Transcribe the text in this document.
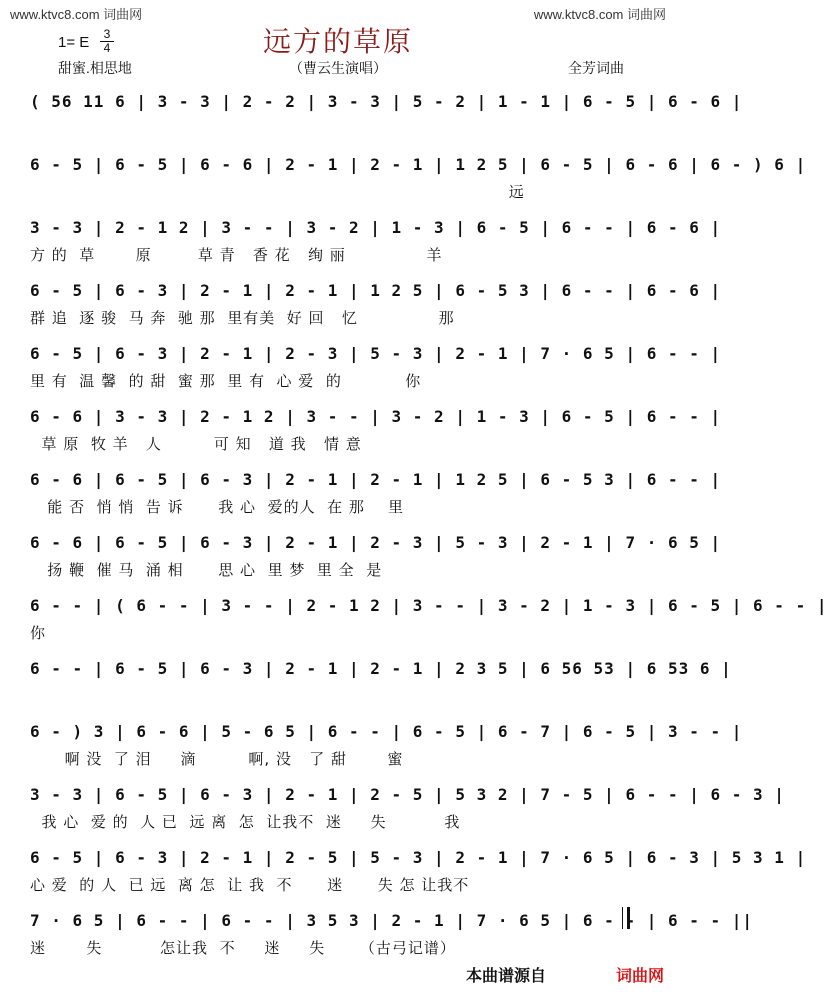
www.ktvc8.com 词曲网	www.ktvc8.com 词曲网
远方的草原
1= E	3
4
甜蜜.相思地	（曹云生演唱）	全芳词曲
( 56 11 6 | 3 - 3 | 2 - 2 | 3 - 3 | 5 - 2 | 1 - 1 | 6 - 5 | 6 - 6 |
6 - 5 | 6 - 5 | 6 - 6 | 2 - 1 | 2 - 1 | 1 2 5 | 6 - 5 | 6 - 6 | 6 - ) 6 |
远
3 - 3 | 2 - 1 2 | 3 - - | 3 - 2 | 1 - 3 | 6 - 5 | 6 - - | 6 - 6 |
方 的  草       原        草 青   香 花   绚 丽              羊
6 - 5 | 6 - 3 | 2 - 1 | 2 - 1 | 1 2 5 | 6 - 5 3 | 6 - - | 6 - 6 |
群 追  逐 骏  马 奔  驰 那  里有美  好 回   忆              那
6 - 5 | 6 - 3 | 2 - 1 | 2 - 3 | 5 - 3 | 2 - 1 | 7 · 6 5 | 6 - - |
里 有  温 馨  的 甜  蜜 那  里 有  心 爱  的           你
6 - 6 | 3 - 3 | 2 - 1 2 | 3 - - | 3 - 2 | 1 - 3 | 6 - 5 | 6 - - |
草 原  牧 羊   人         可 知   道 我   情 意
6 - 6 | 6 - 5 | 6 - 3 | 2 - 1 | 2 - 1 | 1 2 5 | 6 - 5 3 | 6 - - |
能 否  悄 悄  告 诉      我 心  爱的人  在 那    里
6 - 6 | 6 - 5 | 6 - 3 | 2 - 1 | 2 - 3 | 5 - 3 | 2 - 1 | 7 · 6 5 |
扬 鞭  催 马  涌 相      思 心  里 梦  里 全  是
6 - - | ( 6 - - | 3 - - | 2 - 1 2 | 3 - - | 3 - 2 | 1 - 3 | 6 - 5 | 6 - - |
你
6 - - | 6 - 5 | 6 - 3 | 2 - 1 | 2 - 1 | 2 3 5 | 6 56 53 | 6 53 6 |
6 - ) 3 | 6 - 6 | 5 - 6 5 | 6 - - | 6 - 5 | 6 - 7 | 6 - 5 | 3 - - |
啊 没  了 泪     滴         啊, 没   了 甜       蜜
3 - 3 | 6 - 5 | 6 - 3 | 2 - 1 | 2 - 5 | 5 3 2 | 7 - 5 | 6 - - | 6 - 3 |
我 心  爱 的  人 已  远 离  怎  让我不  迷     失          我
6 - 5 | 6 - 3 | 2 - 1 | 2 - 5 | 5 - 3 | 2 - 1 | 7 · 6 5 | 6 - 3 | 5 3 1 |
心 爱  的 人  已 远  离 怎  让 我  不      迷      失 怎 让我不
7 · 6 5 | 6 - - | 6 - - | 3 5 3 | 2 - 1 | 7 · 6 5 | 6 - - | 6 - - ||
迷       失          怎让我  不     迷     失      （古弓记谱）
本曲谱源自	词曲网
